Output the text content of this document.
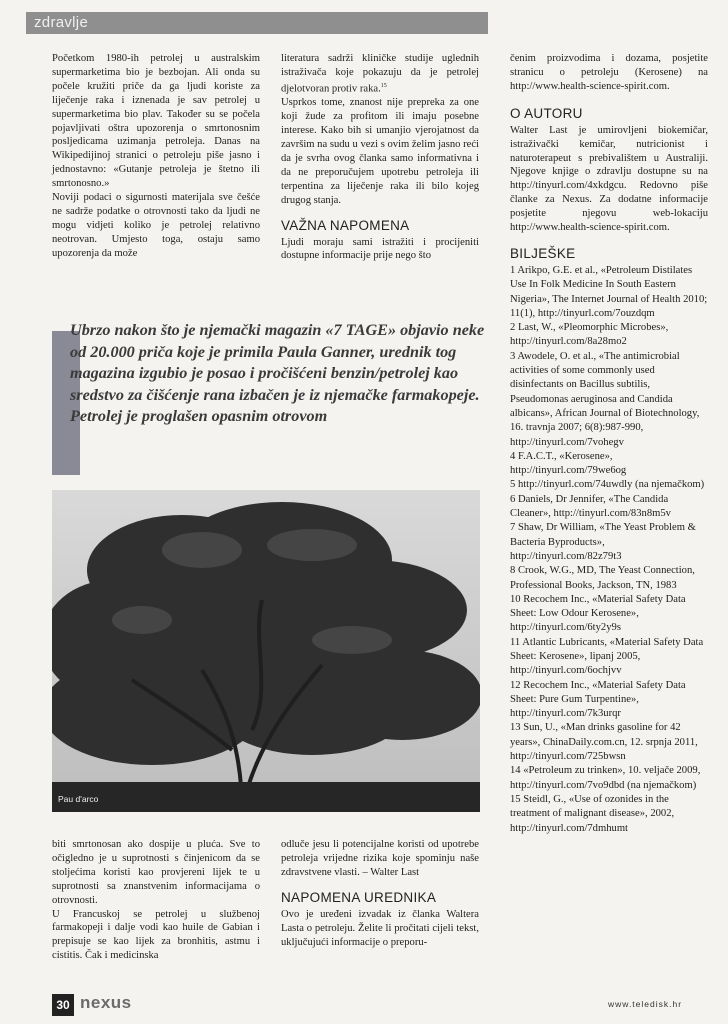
zdravlje

Početkom 1980-ih petrolej u australskim supermarketima bio je bezbojan. Ali onda su počele kružiti priče da ga ljudi koriste za liječenje raka i iznenada je sav petrolej u supermarketima bio plav. Također su se počela pojavljivati oštra upozorenja o smrtonosnim posljedicama uzimanja petroleja. Danas na Wikipedijinoj stranici o petroleju piše jasno i jednostavno: «Gutanje petroleja je štetno ili smrtonosno.»

Noviji podaci o sigurnosti materijala sve češće ne sadrže podatke o otrovnosti tako da ljudi ne mogu vidjeti koliko je petrolej relativno neotrovan. Umjesto toga, ostaju samo upozorenja da može

literatura sadrži kliničke studije uglednih istraživača koje pokazuju da je petrolej djelotvoran protiv raka.$^{15}$

Usprkos tome, znanost nije prepreka za one koji žude za profitom ili imaju posebne interese. Kako bih si umanjio vjerojatnost da završim na sudu u vezi s ovim želim jasno reći da je svrha ovog članka samo informativna i da ne preporučujem upotrebu petroleja ili terpentina za liječenje raka ili bilo kojeg drugog stanja.

VAŽNA NAPOMENA

Ljudi moraju sami istražiti i procijeniti dostupne informacije prije nego što

čenim proizvodima i dozama, posjetite stranicu o petroleju (Kerosene) na http://www.health-science-spirit.com.

O AUTORU

Walter Last je umirovljeni biokemičar, istraživački kemičar, nutricionist i naturoterapeut s prebivalištem u Australiji. Njegove knjige o zdravlju dostupne su na http://tinyurl.com/4xkdgcu. Redovno piše članke za Nexus. Za dodatne informacije posjetite njegovu web-lokaciju http://www.health-science-spirit.com.

BILJEŠKE

1 Arikpo, G.E. et al., «Petroleum Distilates Use In Folk Medicine In South Eastern Nigeria», The Internet Journal of Health 2010; 11(1), http://tinyurl.com/7ouzdqm

2 Last, W., «Pleomorphic Microbes», http://tinyurl.com/8a28mo2

3 Awodele, O. et al., «The antimicrobial activities of some commonly used disinfectants on Bacillus subtilis, Pseudomonas aeruginosa and Candida albicans», African Journal of Biotechnology, 16. travnja 2007; 6(8):987-990, http://tinyurl.com/7vohegv

4 F.A.C.T., «Kerosene», http://tinyurl.com/79we6og

5 http://tinyurl.com/74uwdly (na njemačkom)

6 Daniels, Dr Jennifer, «The Candida Cleaner», http://tinyurl.com/83n8m5v

7 Shaw, Dr William, «The Yeast Problem & Bacteria Byproducts», http://tinyurl.com/82z79t3

8 Crook, W.G., MD, The Yeast Connection, Professional Books, Jackson, TN, 1983

10 Recochem Inc., «Material Safety Data Sheet: Low Odour Kerosene», http://tinyurl.com/6ty2y9s

11 Atlantic Lubricants, «Material Safety Data Sheet: Kerosene», lipanj 2005, http://tinyurl.com/6ochjvv

12 Recochem Inc., «Material Safety Data Sheet: Pure Gum Turpentine», http://tinyurl.com/7k3urqr

13 Sun, U., «Man drinks gasoline for 42 years», ChinaDaily.com.cn, 12. srpnja 2011, http://tinyurl.com/725bwsn

14 «Petroleum zu trinken», 10. veljače 2009, http://tinyurl.com/7vo9dbd (na njemačkom)

15 Steidl, G., «Use of ozonides in the treatment of malignant disease», 2002, http://tinyurl.com/7dmhumt

Ubrzo nakon što je njemački magazin «7 TAGE» objavio neke od 20.000 priča koje je primila Paula Ganner, urednik tog magazina izgubio je posao i pročišćeni benzin/petrolej kao sredstvo za čišćenje rana izbačen je iz njemačke farmakopeje. Petrolej je proglašen opasnim otrovom
Pau d'arco

biti smrtonosan ako dospije u pluća. Sve to očigledno je u suprotnosti s činjenicom da se stoljećima koristi kao provjereni lijek te u suprotnosti sa znanstvenim informacijama o otrovnosti.

U Francuskoj se petrolej u službenoj farmakopeji i dalje vodi kao huile de Gabian i prepisuje se kao lijek za bronhitis, astmu i cistitis. Čak i medicinska

odluče jesu li potencijalne koristi od upotrebe petroleja vrijedne rizika koje spominju naše zdravstvene vlasti. – Walter Last

NAPOMENA UREDNIKA

Ovo je uređeni izvadak iz članka Waltera Lasta o petroleju. Želite li pročitati cijeli tekst, uključujući informacije o preporu-

30 nexus	www.teledisk.hr
